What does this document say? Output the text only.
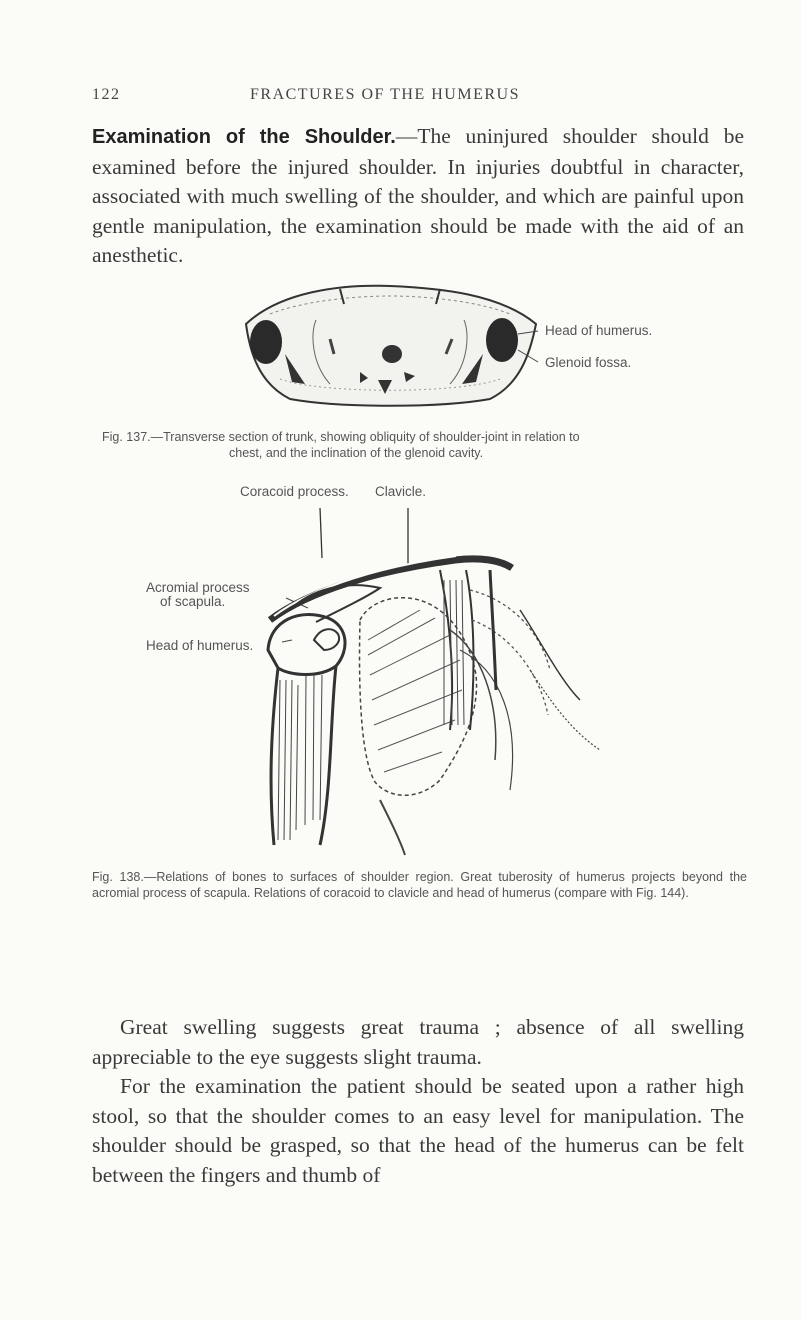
122	FRACTURES OF THE HUMERUS
Examination of the Shoulder.—The uninjured shoulder should be examined before the injured shoulder. In injuries doubtful in character, associated with much swelling of the shoulder, and which are painful upon gentle manipulation, the examination should be made with the aid of an anesthetic.
Head of humerus.
Glenoid fossa.
Fig. 137.—Transverse section of trunk, showing obliquity of shoulder-joint in relation to
chest, and the inclination of the glenoid cavity.
Coracoid process. Clavicle.
Acromial process
of scapula.
Head of humerus.
Fig. 138.—Relations of bones to surfaces of shoulder region. Great tuberosity of humerus projects beyond the acromial process of scapula. Relations of coracoid to clavicle and head of humerus (compare with Fig. 144).
Great swelling suggests great trauma ; absence of all swelling appreciable to the eye suggests slight trauma.
For the examination the patient should be seated upon a rather high stool, so that the shoulder comes to an easy level for manipulation. The shoulder should be grasped, so that the head of the humerus can be felt between the fingers and thumb of
